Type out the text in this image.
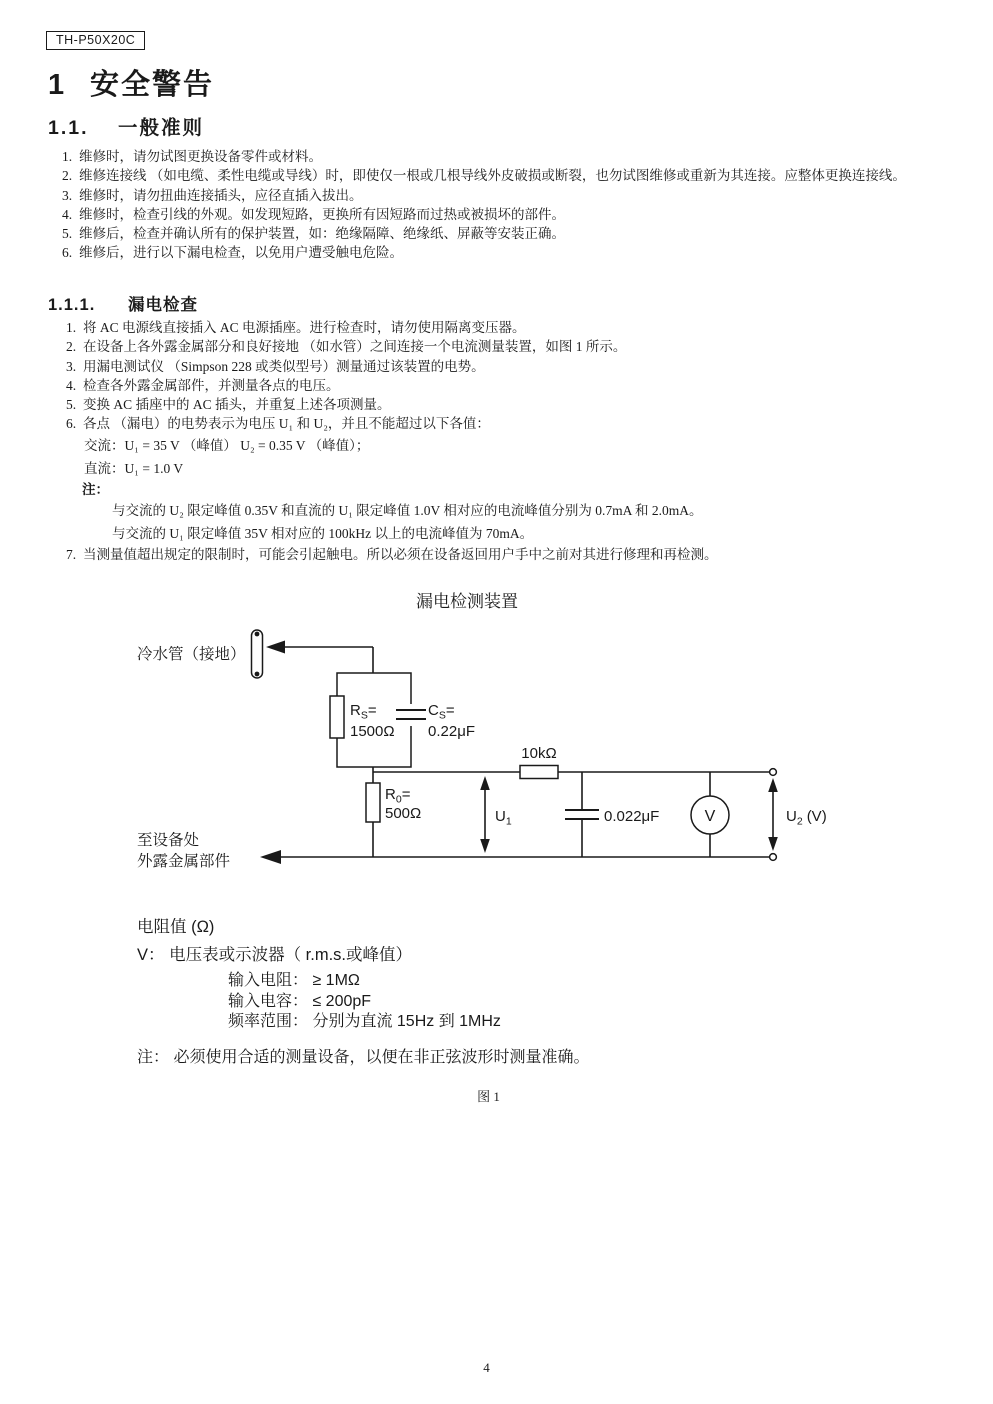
TH-P50X20C
1 安全警告
1.1. 一般准则
1. 维修时，请勿试图更换设备零件或材料。
2. 维修连接线 （如电缆、柔性电缆或导线）时，即使仅一根或几根导线外皮破损或断裂，也勿试图维修或重新为其连接。应整体更换连接线。
3. 维修时，请勿扭曲连接插头，应径直插入拔出。
4. 维修时，检查引线的外观。如发现短路，更换所有因短路而过热或被损坏的部件。
5. 维修后，检查并确认所有的保护装置，如：绝缘隔障、绝缘纸、屏蔽等安装正确。
6. 维修后，进行以下漏电检查，以免用户遭受触电危险。
1.1.1. 漏电检查
1. 将 AC 电源线直接插入 AC 电源插座。进行检查时，请勿使用隔离变压器。
2. 在设备上各外露金属部分和良好接地 （如水管）之间连接一个电流测量装置，如图 1 所示。
3. 用漏电测试仪 （Simpson 228 或类似型号）测量通过该装置的电势。
4. 检查各外露金属部件，并测量各点的电压。
5. 变换 AC 插座中的 AC 插头，并重复上述各项测量。
6. 各点 （漏电）的电势表示为电压 U₁ 和 U₂，并且不能超过以下各值：
交流：U₁ = 35 V （峰值） U₂ = 0.35 V （峰值）；
直流：U₁ = 1.0 V
注：
与交流的 U₂ 限定峰值 0.35V 和直流的 U₁ 限定峰值 1.0V 相对应的电流峰值分别为 0.7mA 和 2.0mA。
与交流的 U₁ 限定峰值 35V 相对应的 100kHz 以上的电流峰值为 70mA。
7. 当测量值超出规定的限制时，可能会引起触电。所以必须在设备返回用户手中之前对其进行修理和再检测。
漏电检测装置
冷水管（接地）
$R_S=$
1500Ω
$C_S=$
0.22μF
至设备处
外露金属部件
$R_0=$
500Ω	$U_1$
10kΩ
0.022μF	V	$U_2$ (V)
电阻值 (Ω)
V： 电压表或示波器（ r.m.s.或峰值）
输入电阻： ≥ 1MΩ
输入电容： ≤ 200pF
频率范围： 分别为直流 15Hz 到 1MHz
注： 必须使用合适的测量设备，以便在非正弦波形时测量准确。
图 1
4
